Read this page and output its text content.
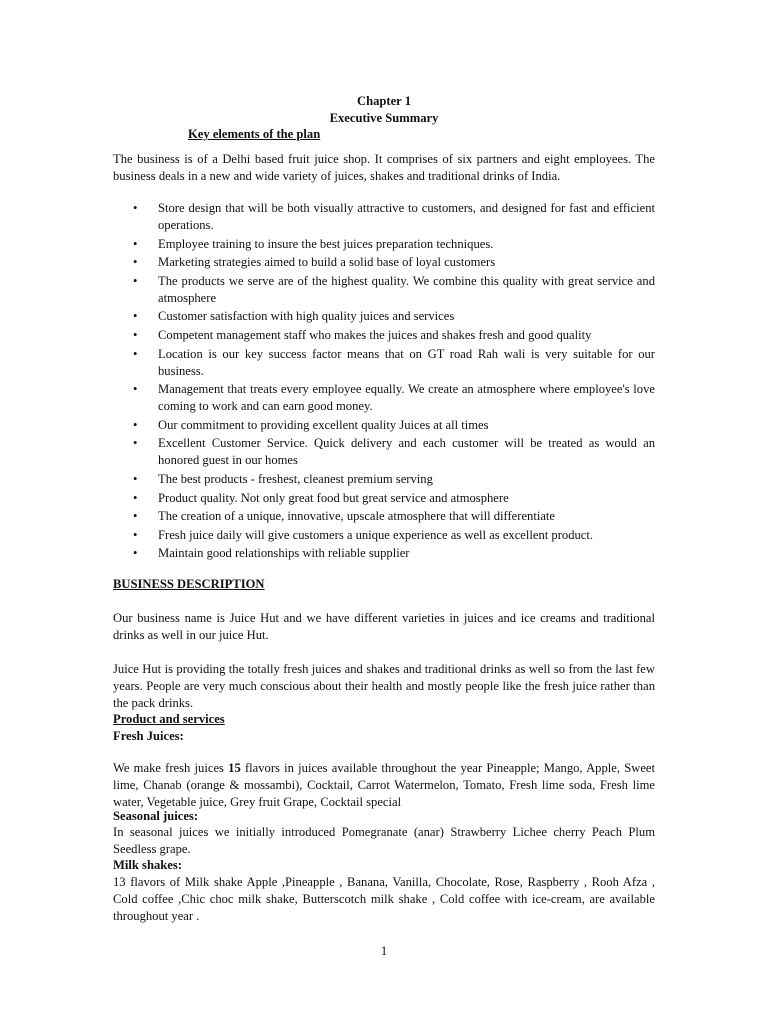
Chapter 1
Executive Summary
Key elements of the plan
The business is of a Delhi based fruit juice shop. It comprises of six partners and eight employees. The business deals in a new and wide variety of juices, shakes and traditional drinks of India.
• Store design that will be both visually attractive to customers, and designed for fast and efficient operations.
• Employee training to insure the best juices preparation techniques.
• Marketing strategies aimed to build a solid base of loyal customers
• The products we serve are of the highest quality. We combine this quality with great service and atmosphere
• Customer satisfaction with high quality juices and services
• Competent management staff who makes the juices and shakes fresh and good quality
• Location is our key success factor means that on GT road Rah wali is very suitable for our business.
• Management that treats every employee equally. We create an atmosphere where employee's love coming to work and can earn good money.
• Our commitment to providing excellent quality Juices at all times
• Excellent Customer Service. Quick delivery and each customer will be treated as would an honored guest in our homes
• The best products - freshest, cleanest premium serving
• Product quality. Not only great food but great service and atmosphere
• The creation of a unique, innovative, upscale atmosphere that will differentiate
• Fresh juice daily will give customers a unique experience as well as excellent product.
• Maintain good relationships with reliable supplier
BUSINESS DESCRIPTION
Our business name is Juice Hut and we have different varieties in juices and ice creams and traditional drinks as well in our juice Hut.
Juice Hut is providing the totally fresh juices and shakes and traditional drinks as well so from the last few years. People are very much conscious about their health and mostly people like the fresh juice rather than the pack drinks.
Product and services
Fresh Juices:
We make fresh juices 15 flavors in juices available throughout the year Pineapple; Mango, Apple, Sweet lime, Chanab (orange & mossambi), Cocktail, Carrot Watermelon, Tomato, Fresh lime soda, Fresh lime water, Vegetable juice, Grey fruit Grape, Cocktail special
Seasonal juices:
In seasonal juices we initially introduced Pomegranate (anar) Strawberry Lichee cherry Peach Plum Seedless grape.
Milk shakes:
13 flavors of Milk shake Apple ,Pineapple , Banana, Vanilla, Chocolate, Rose, Raspberry , Rooh Afza , Cold coffee ,Chic choc milk shake, Butterscotch milk shake , Cold coffee with ice-cream, are available throughout year .
1
